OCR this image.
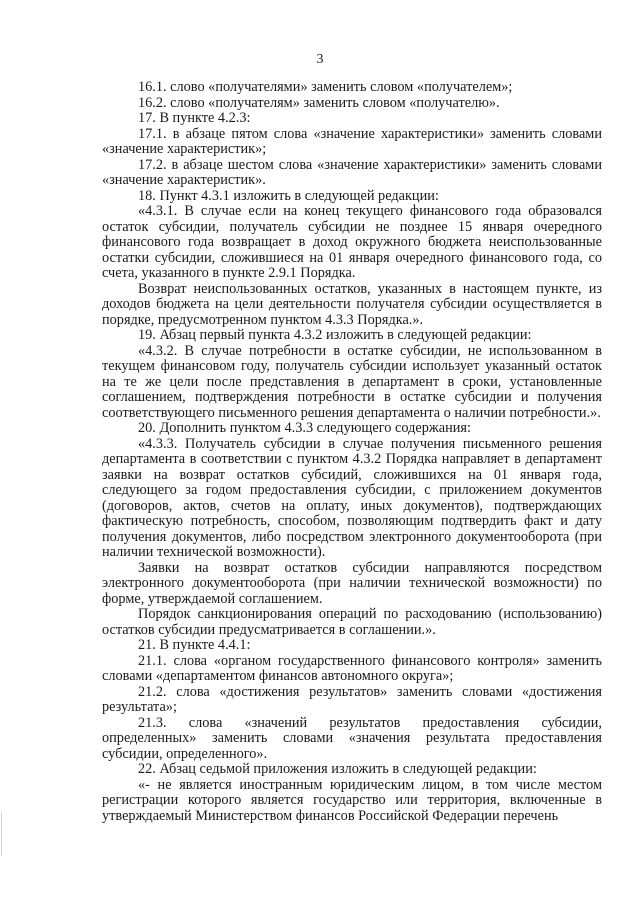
3

16.1. слово «получателями» заменить словом «получателем»;

16.2. слово «получателям» заменить словом «получателю».

17. В пункте 4.2.3:

17.1. в абзаце пятом слова «значение характеристики» заменить словами «значение характеристик»;

17.2. в абзаце шестом слова «значение характеристики» заменить словами «значение характеристик».

18. Пункт 4.3.1 изложить в следующей редакции:

«4.3.1. В случае если на конец текущего финансового года образовался остаток субсидии, получатель субсидии не позднее 15 января очередного финансового года возвращает в доход окружного бюджета неиспользованные остатки субсидии, сложившиеся на 01 января очередного финансового года, со счета, указанного в пункте 2.9.1 Порядка.

Возврат неиспользованных остатков, указанных в настоящем пункте, из доходов бюджета на цели деятельности получателя субсидии осуществляется в порядке, предусмотренном пунктом 4.3.3 Порядка.».

19. Абзац первый пункта 4.3.2 изложить в следующей редакции:

«4.3.2. В случае потребности в остатке субсидии, не использованном в текущем финансовом году, получатель субсидии использует указанный остаток на те же цели после представления в департамент в сроки, установленные соглашением, подтверждения потребности в остатке субсидии и получения соответствующего письменного решения департамента о наличии потребности.».

20. Дополнить пунктом 4.3.3 следующего содержания:

«4.3.3. Получатель субсидии в случае получения письменного решения департамента в соответствии с пунктом 4.3.2 Порядка направляет в департамент заявки на возврат остатков субсидий, сложившихся на 01 января года, следующего за годом предоставления субсидии, с приложением документов (договоров, актов, счетов на оплату, иных документов), подтверждающих фактическую потребность, способом, позволяющим подтвердить факт и дату получения документов, либо посредством электронного документооборота (при наличии технической возможности).

Заявки на возврат остатков субсидии направляются посредством электронного документооборота (при наличии технической возможности) по форме, утверждаемой соглашением.

Порядок санкционирования операций по расходованию (использованию) остатков субсидии предусматривается в соглашении.».

21. В пункте 4.4.1:

21.1. слова «органом государственного финансового контроля» заменить словами «департаментом финансов автономного округа»;

21.2. слова «достижения результатов» заменить словами «достижения результата»;

21.3. слова «значений результатов предоставления субсидии, определенных» заменить словами «значения результата предоставления субсидии, определенного».

22. Абзац седьмой приложения изложить в следующей редакции:

«- не является иностранным юридическим лицом, в том числе местом регистрации которого является государство или территория, включенные в утверждаемый Министерством финансов Российской Федерации перечень
